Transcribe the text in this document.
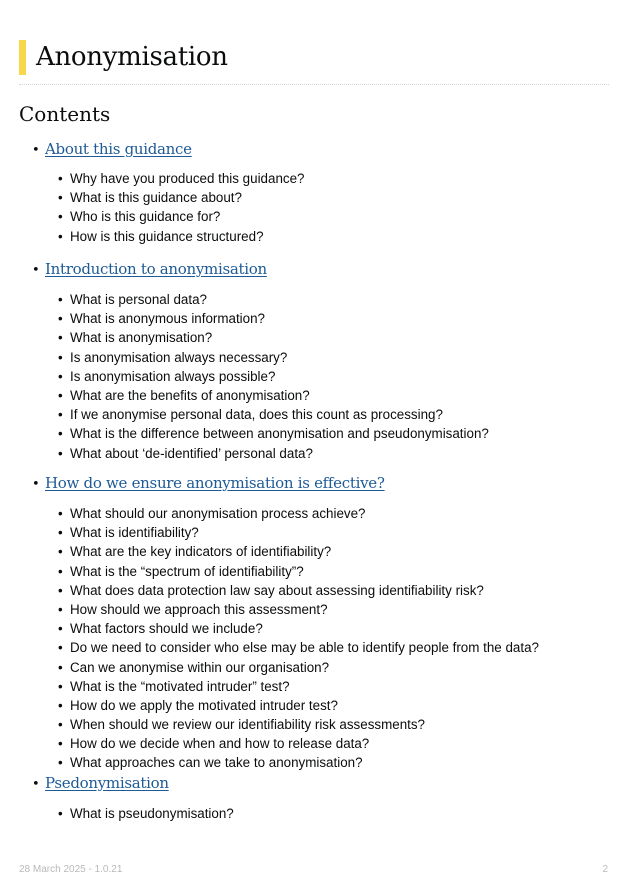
Anonymisation
Contents
• About this guidance
• Why have you produced this guidance?
• What is this guidance about?
• Who is this guidance for?
• How is this guidance structured?
• Introduction to anonymisation
• What is personal data?
• What is anonymous information?
• What is anonymisation?
• Is anonymisation always necessary?
• Is anonymisation always possible?
• What are the benefits of anonymisation?
• If we anonymise personal data, does this count as processing?
• What is the difference between anonymisation and pseudonymisation?
• What about ‘de-identified’ personal data?
• How do we ensure anonymisation is effective?
• What should our anonymisation process achieve?
• What is identifiability?
• What are the key indicators of identifiability?
• What is the “spectrum of identifiability”?
• What does data protection law say about assessing identifiability risk?
• How should we approach this assessment?
• What factors should we include?
• Do we need to consider who else may be able to identify people from the data?
• Can we anonymise within our organisation?
• What is the “motivated intruder” test?
• How do we apply the motivated intruder test?
• When should we review our identifiability risk assessments?
• How do we decide when and how to release data?
• What approaches can we take to anonymisation?
• Psedonymisation
• What is pseudonymisation?
28 March 2025 - 1.0.21	2
